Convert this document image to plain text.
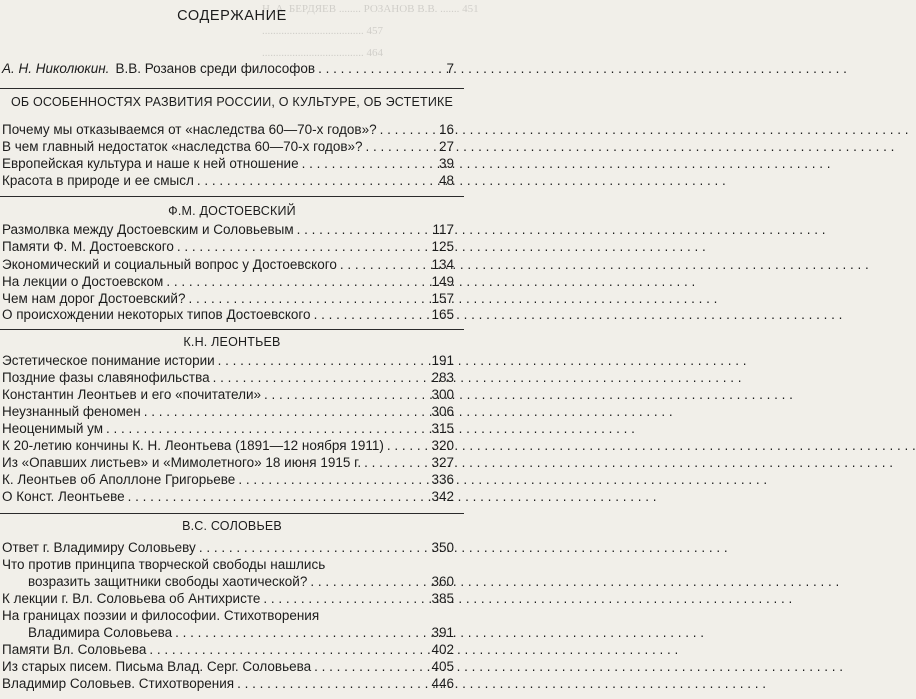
Н. А. БЕРДЯЕВ ........ РОЗАНОВ В.В. ....... 451
..................................... 457
..................................... 464
СОДЕРЖАНИЕ
А. Н. Николюкин. В.В. Розанов среди философов . . .	7
ОБ ОСОБЕННОСТЯХ РАЗВИТИЯ РОССИИ, О КУЛЬТУРЕ, ОБ ЭСТЕТИКЕ
Почему мы отказываемся от «наследства 60—70-х годов»? . . .	16
В чем главный недостаток «наследства 60—70-х годов»? . . .	27
Европейская культура и наше к ней отношение . . .	39
Красота в природе и ее смысл . . .	48
Ф.М. ДОСТОЕВСКИЙ
Размолвка между Достоевским и Соловьевым . . .	117
Памяти Ф. М. Достоевского . . .	125
Экономический и социальный вопрос у Достоевского . . .	134
На лекции о Достоевском . . .	149
Чем нам дорог Достоевский? . . .	157
О происхождении некоторых типов Достоевского . . .	165
К.Н. ЛЕОНТЬЕВ
Эстетическое понимание истории . . .	191
Поздние фазы славянофильства . . .	283
Константин Леонтьев и его «почитатели» . . .	300
Неузнанный феномен . . .	306
Неоценимый ум . . .	315
К 20-летию кончины К. Н. Леонтьева (1891—12 ноября 1911) . . .	320
Из «Опавших листьев» и «Мимолетного» 18 июня 1915 г. . . .	327
К. Леонтьев об Аполлоне Григорьеве . . .	336
О Конст. Леонтьеве . . .	342
В.С. СОЛОВЬЕВ
Ответ г. Владимиру Соловьеву . . .	350
Что против принципа творческой свободы нашлись
возразить защитники свободы хаотической? . . .	360
К лекции г. Вл. Соловьева об Антихристе . . .	385
На границах поэзии и философии. Стихотворения
Владимира Соловьева . . .	391
Памяти Вл. Соловьева . . .	402
Из старых писем. Письма Влад. Серг. Соловьева . . .	405
Владимир Соловьев. Стихотворения . . .	446
